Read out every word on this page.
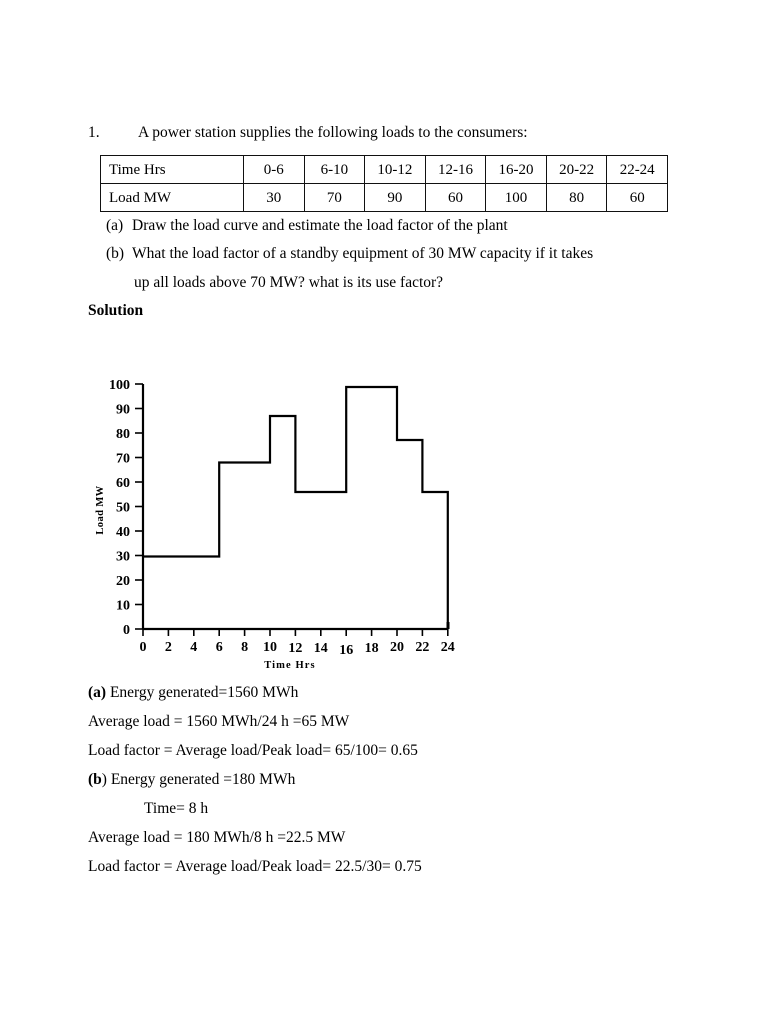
1. A power station supplies the following loads to the consumers:
Time Hrs	0-6	6-10	10-12	12-16	16-20	20-22	22-24
Load MW	30	70	90	60	100	80	60
(a) Draw the load curve and estimate the load factor of the plant
(b) What the load factor of a standby equipment of 30 MW capacity if it takes
up all loads above 70 MW? what is its use factor?
Solution
0
10
20
30
40
50
60
70
80
90
100
0 2 4 6 8 10 12 14 16 18 20 22 24
Load MW
Time Hrs
(a) Energy generated=1560 MWh
Average load = 1560 MWh/24 h =65 MW
Load factor = Average load/Peak load= 65/100= 0.65
(b) Energy generated =180 MWh
Time= 8 h
Average load = 180 MWh/8 h =22.5 MW
Load factor = Average load/Peak load= 22.5/30= 0.75
